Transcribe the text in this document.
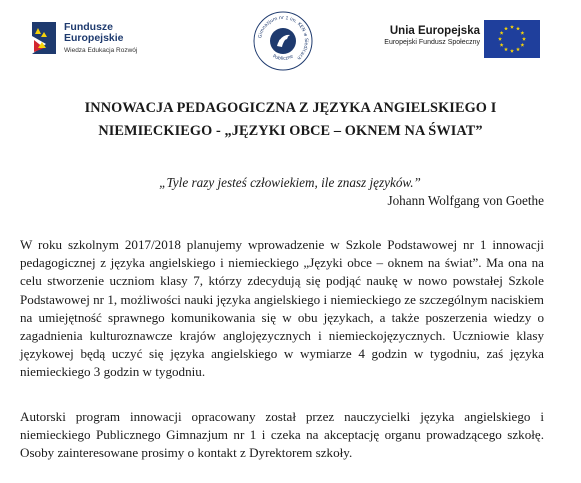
Fundusze
Europejskie
Wiedza Edukacja Rozwój
Gimnazjum nr 1 im. KEN w Siedlcach
Publiczne
Unia Europejska
Europejski Fundusz Społeczny
INNOWACJA PEDAGOGICZNA Z JĘZYKA ANGIELSKIEGO I
NIEMIECKIEGO - „JĘZYKI OBCE – OKNEM NA ŚWIAT”
„Tyle razy jesteś człowiekiem, ile znasz języków.”
Johann Wolfgang von Goethe
W roku szkolnym 2017/2018 planujemy wprowadzenie w Szkole Podstawowej nr 1 innowacji pedagogicznej z języka angielskiego i niemieckiego „Języki obce – oknem na świat”. Ma ona na celu stworzenie uczniom klasy 7, którzy zdecydują się podjąć naukę w nowo powstałej Szkole Podstawowej nr 1, możliwości nauki języka angielskiego i niemieckiego ze szczególnym naciskiem na umiejętność sprawnego komunikowania się w obu językach, a także poszerzenia wiedzy o zagadnienia kulturoznawcze krajów anglojęzycznych i niemieckojęzycznych. Uczniowie klasy językowej będą uczyć się języka angielskiego w wymiarze 4 godzin w tygodniu, zaś języka niemieckiego 3 godzin w tygodniu.
Autorski program innowacji opracowany został przez nauczycielki języka angielskiego i niemieckiego Publicznego Gimnazjum nr 1 i czeka na akceptację organu prowadzącego szkołę. Osoby zainteresowane prosimy o kontakt z Dyrektorem szkoły.
